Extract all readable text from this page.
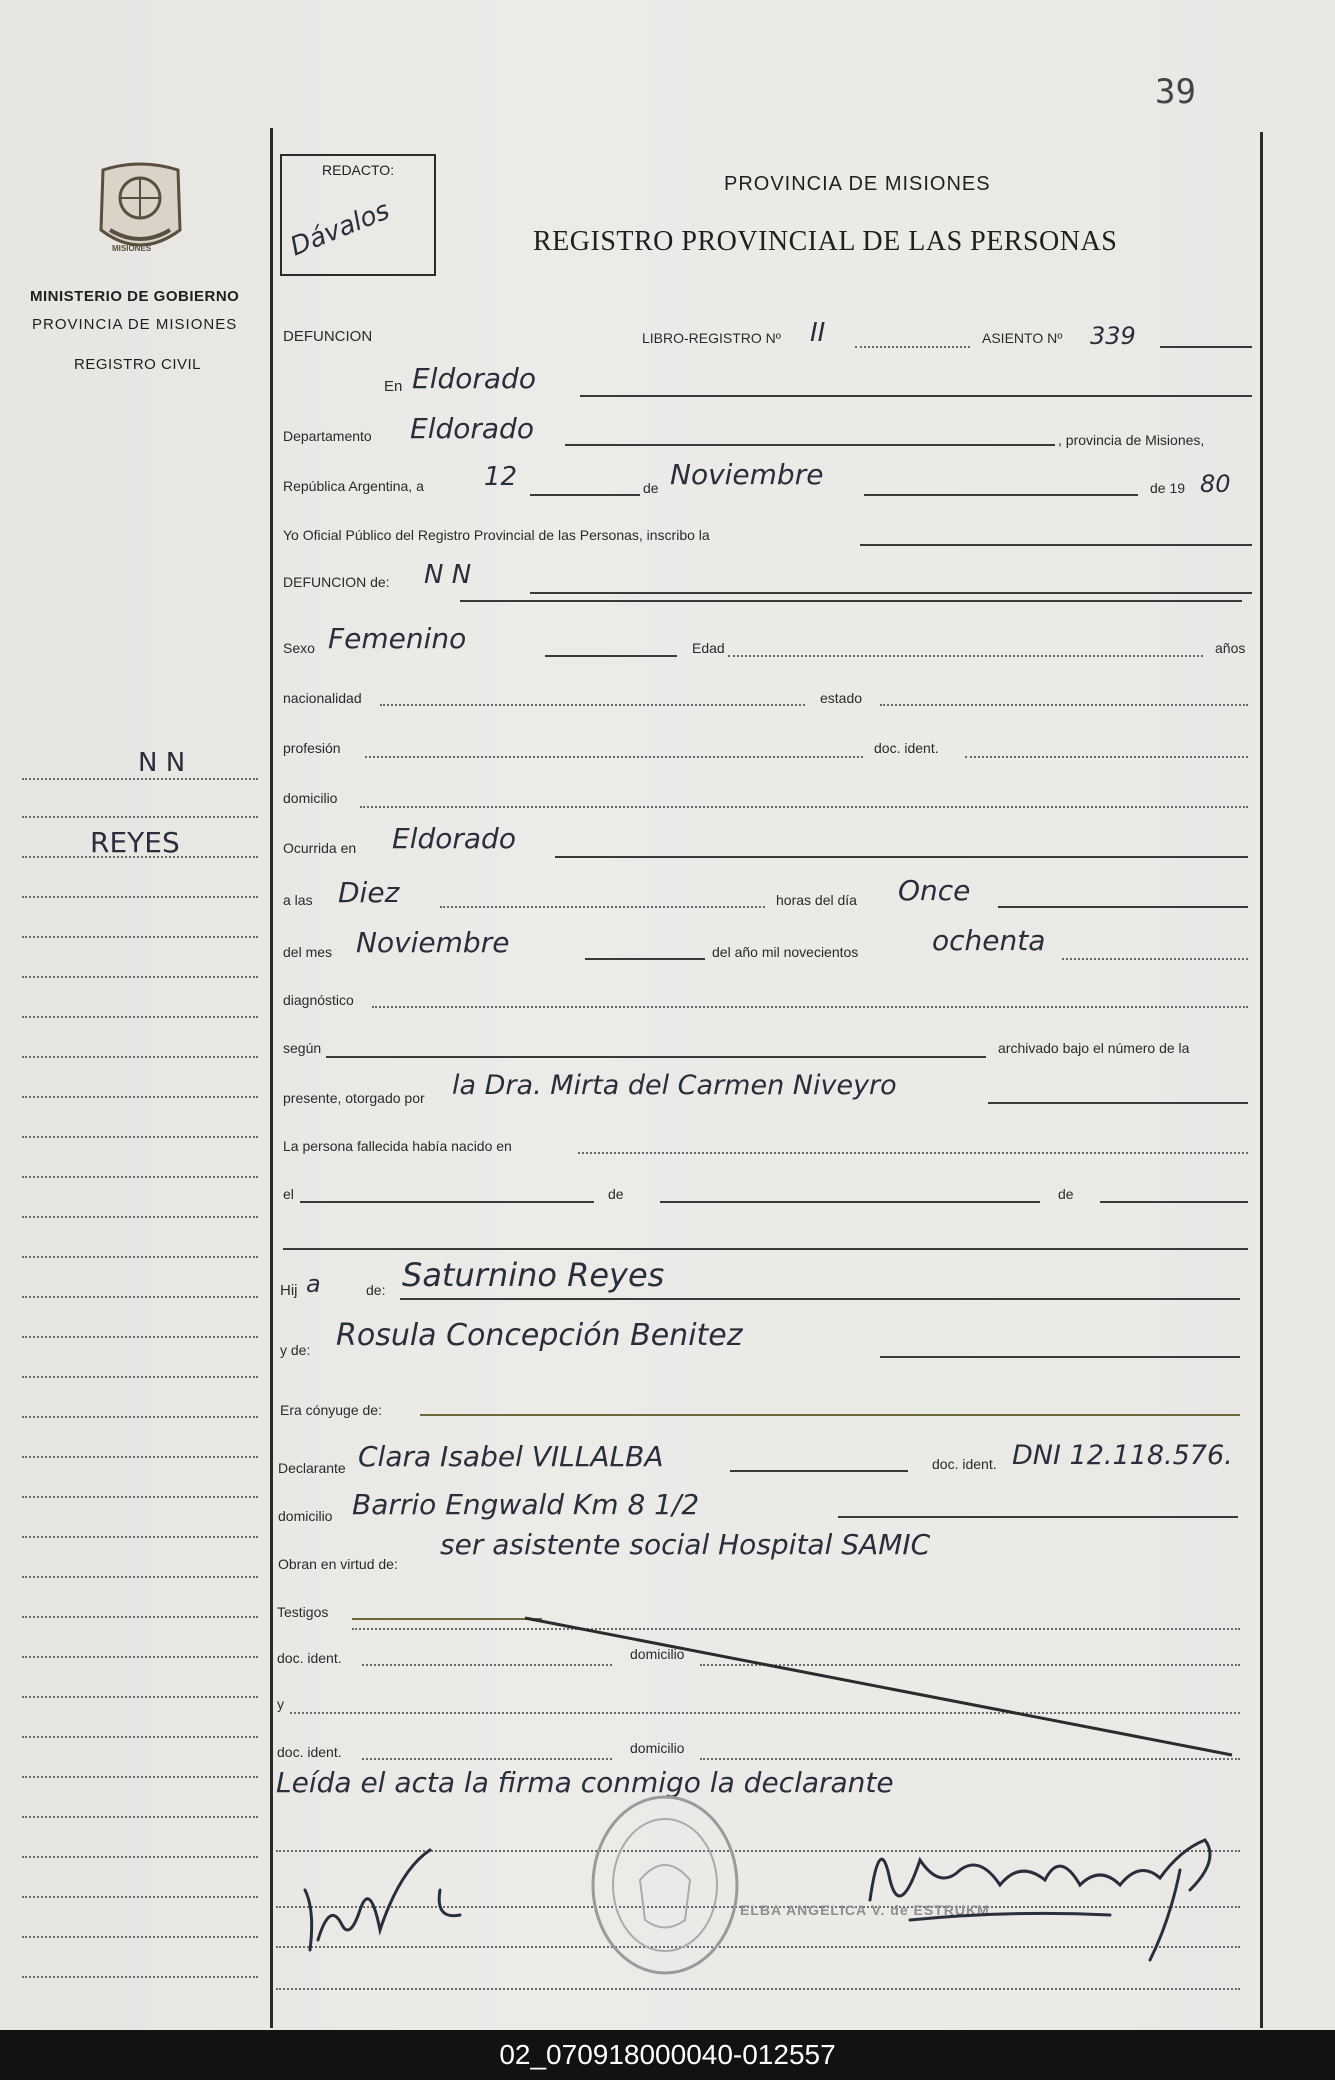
39
MISIONES
MINISTERIO DE GOBIERNO
PROVINCIA DE MISIONES
REGISTRO CIVIL
REDACTO:
Dávalos
PROVINCIA DE MISIONES
REGISTRO PROVINCIAL DE LAS PERSONAS
DEFUNCION	LIBRO-REGISTRO Nº II	ASIENTO Nº 339
En Eldorado
Departamento Eldorado	, provincia de Misiones,
República Argentina, a 12	de Noviembre	de 19 80
Yo Oficial Público del Registro Provincial de las Personas, inscribo la
DEFUNCION de: N N
Sexo Femenino	Edad	años
nacionalidad	estado
profesión	doc. ident.
domicilio
Ocurrida en Eldorado
a las Diez	horas del día Once
del mes Noviembre	del año mil novecientos	ochenta
diagnóstico
según	archivado bajo el número de la
presente, otorgado por la Dra. Mirta del Carmen Niveyro
La persona fallecida había nacido en
el	de	de
Hij a	de: Saturnino Reyes
y de: Rosula Concepción Benitez
Era cónyuge de:
Declarante Clara Isabel VILLALBA	doc. ident. DNI 12.118.576.
domicilio Barrio Engwald Km 8 1/2
Obran en virtud de:
ser asistente social Hospital SAMIC
Testigos
doc. ident.	domicilio
y
doc. ident.	domicilio
Leída el acta la firma conmigo la declarante
ELBA ANGELICA V. de ESTRUKM
N N
REYES
02_070918000040-012557
